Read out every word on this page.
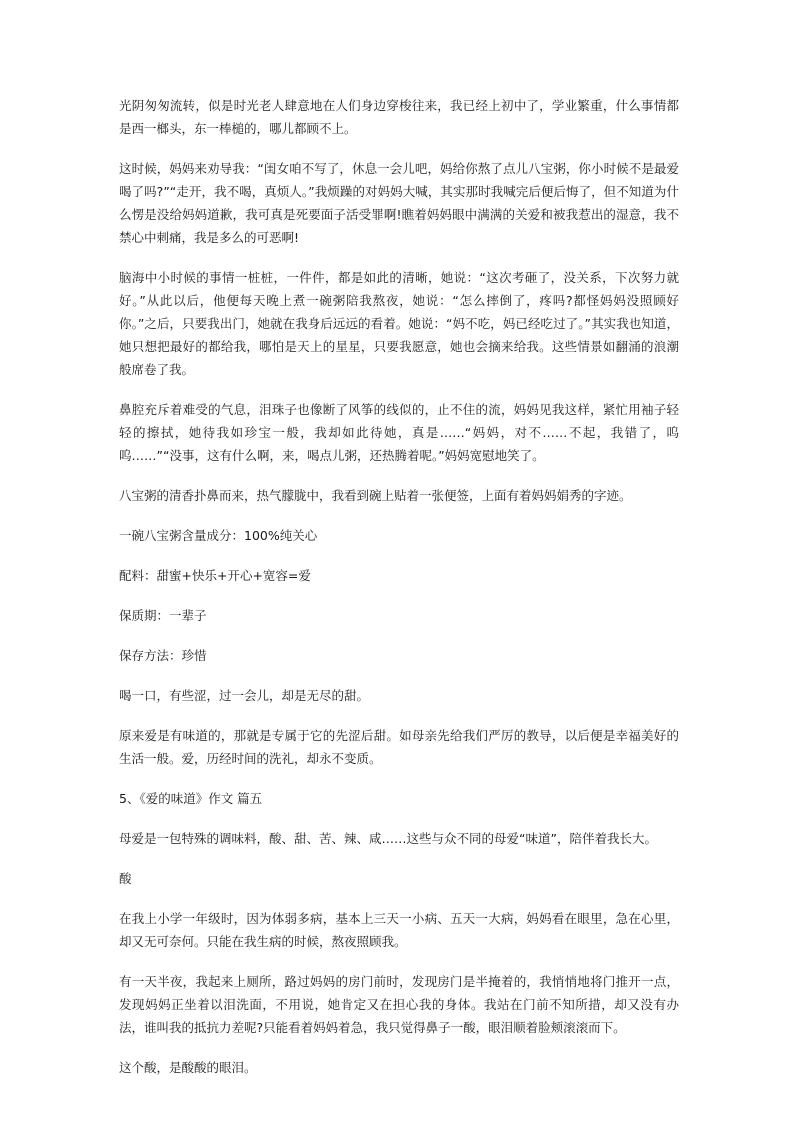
光阴匆匆流转，似是时光老人肆意地在人们身边穿梭往来，我已经上初中了，学业繁重，什么事情都是西一榔头，东一棒槌的，哪儿都顾不上。

这时候，妈妈来劝导我：“闺女咱不写了，休息一会儿吧，妈给你熬了点儿八宝粥，你小时候不是最爱喝了吗?”“走开，我不喝，真烦人。”我烦躁的对妈妈大喊，其实那时我喊完后便后悔了，但不知道为什么愣是没给妈妈道歉，我可真是死要面子活受罪啊!瞧着妈妈眼中满满的关爱和被我惹出的湿意，我不禁心中刺痛，我是多么的可恶啊!

脑海中小时候的事情一桩桩，一件件，都是如此的清晰，她说：“这次考砸了，没关系，下次努力就好。”从此以后，他便每天晚上煮一碗粥陪我熬夜，她说：“怎么摔倒了，疼吗?都怪妈妈没照顾好你。”之后，只要我出门，她就在我身后远远的看着。她说：“妈不吃，妈已经吃过了。”其实我也知道，她只想把最好的都给我，哪怕是天上的星星，只要我愿意，她也会摘来给我。这些情景如翻涌的浪潮般席卷了我。

鼻腔充斥着难受的气息，泪珠子也像断了风筝的线似的，止不住的流，妈妈见我这样，紧忙用袖子轻轻的擦拭，她待我如珍宝一般，我却如此待她，真是……“妈妈，对不……不起，我错了，呜呜……”“没事，这有什么啊，来，喝点儿粥，还热腾着呢。”妈妈宽慰地笑了。

八宝粥的清香扑鼻而来，热气朦胧中，我看到碗上贴着一张便签，上面有着妈妈娟秀的字迹。

一碗八宝粥含量成分：100%纯关心

配料：甜蜜+快乐+开心+宽容=爱

保质期：一辈子

保存方法：珍惜

喝一口，有些涩，过一会儿，却是无尽的甜。

原来爱是有味道的，那就是专属于它的先涩后甜。如母亲先给我们严厉的教导，以后便是幸福美好的生活一般。爱，历经时间的洗礼，却永不变质。

5、《爱的味道》作文 篇五

母爱是一包特殊的调味料，酸、甜、苦、辣、咸……这些与众不同的母爱“味道”，陪伴着我长大。

酸

在我上小学一年级时，因为体弱多病，基本上三天一小病、五天一大病，妈妈看在眼里，急在心里，却又无可奈何。只能在我生病的时候，熬夜照顾我。

有一天半夜，我起来上厕所，路过妈妈的房门前时，发现房门是半掩着的，我悄悄地将门推开一点，发现妈妈正坐着以泪洗面，不用说，她肯定又在担心我的身体。我站在门前不知所措，却又没有办法，谁叫我的抵抗力差呢?只能看着妈妈着急，我只觉得鼻子一酸，眼泪顺着脸颊滚滚而下。

这个酸，是酸酸的眼泪。
